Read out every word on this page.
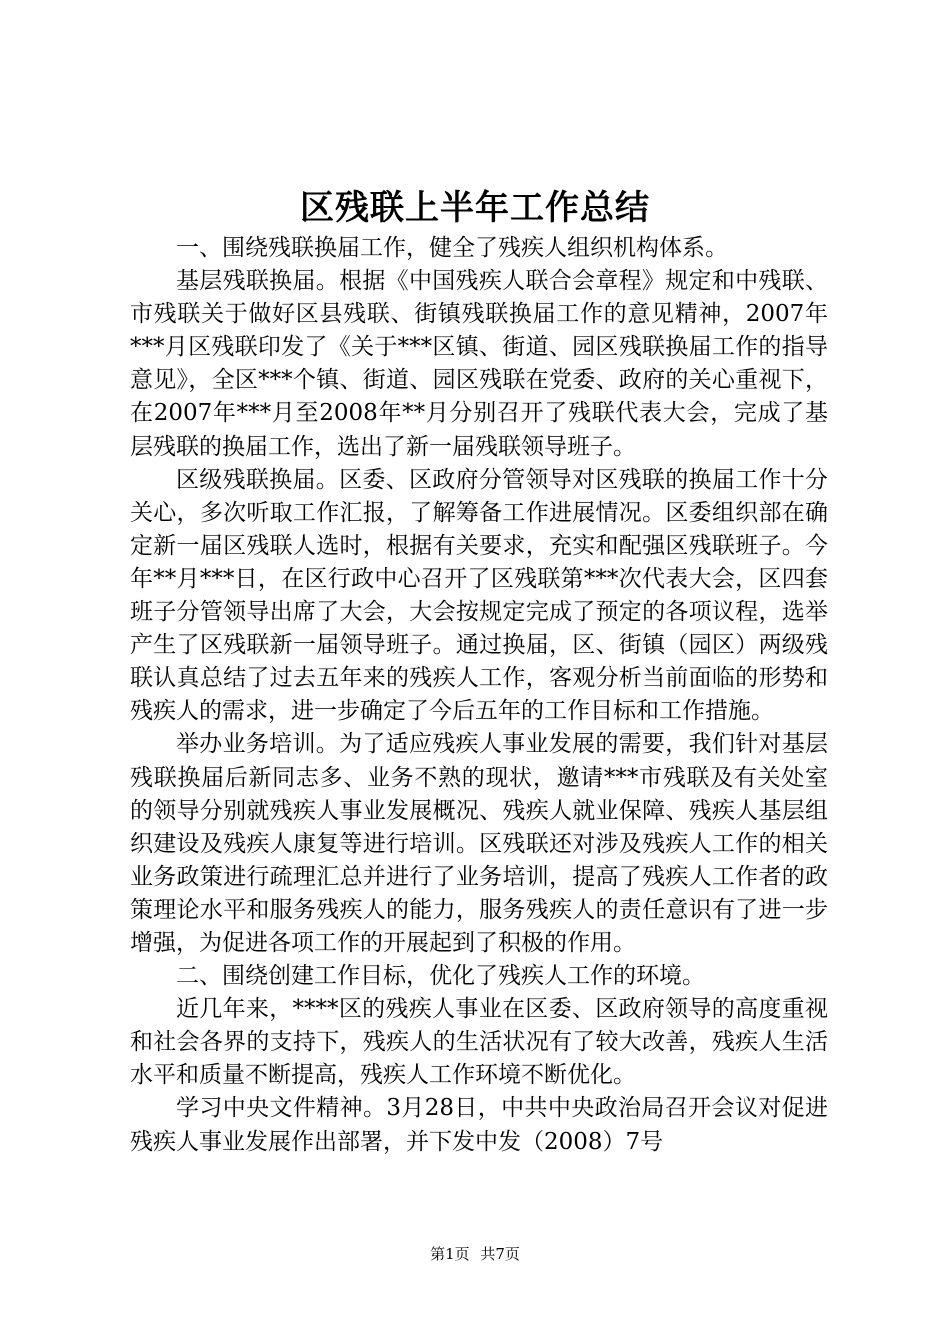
区残联上半年工作总结

一、围绕残联换届工作，健全了残疾人组织机构体系。

基层残联换届。根据《中国残疾人联合会章程》规定和中残联、市残联关于做好区县残联、街镇残联换届工作的意见精神，2007年***月区残联印发了《关于***区镇、街道、园区残联换届工作的指导意见》，全区***个镇、街道、园区残联在党委、政府的关心重视下，在2007年***月至2008年**月分别召开了残联代表大会，完成了基层残联的换届工作，选出了新一届残联领导班子。

区级残联换届。区委、区政府分管领导对区残联的换届工作十分关心，多次听取工作汇报，了解筹备工作进展情况。区委组织部在确定新一届区残联人选时，根据有关要求，充实和配强区残联班子。今年**月***日，在区行政中心召开了区残联第***次代表大会，区四套班子分管领导出席了大会，大会按规定完成了预定的各项议程，选举产生了区残联新一届领导班子。通过换届，区、街镇（园区）两级残联认真总结了过去五年来的残疾人工作，客观分析当前面临的形势和残疾人的需求，进一步确定了今后五年的工作目标和工作措施。

举办业务培训。为了适应残疾人事业发展的需要，我们针对基层残联换届后新同志多、业务不熟的现状，邀请***市残联及有关处室的领导分别就残疾人事业发展概况、残疾人就业保障、残疾人基层组织建设及残疾人康复等进行培训。区残联还对涉及残疾人工作的相关业务政策进行疏理汇总并进行了业务培训，提高了残疾人工作者的政策理论水平和服务残疾人的能力，服务残疾人的责任意识有了进一步增强，为促进各项工作的开展起到了积极的作用。

二、围绕创建工作目标，优化了残疾人工作的环境。

近几年来，****区的残疾人事业在区委、区政府领导的高度重视和社会各界的支持下，残疾人的生活状况有了较大改善，残疾人生活水平和质量不断提高，残疾人工作环境不断优化。

学习中央文件精神。3月28日，中共中央政治局召开会议对促进残疾人事业发展作出部署，并下发中发（2008）7号

第1页 共7页
